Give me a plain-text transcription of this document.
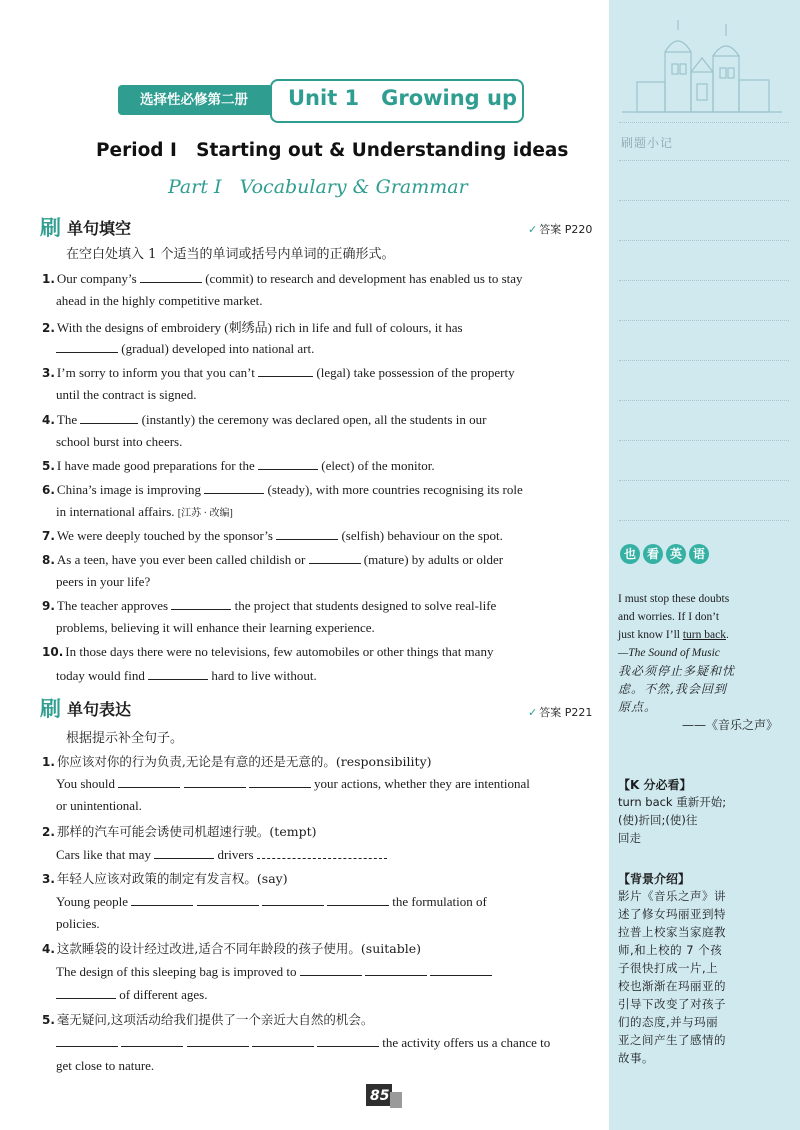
刷题小记
也 看 英 语
I must stop these doubts
and worries. If I don’t
just know I’ll turn back.
—The Sound of Music
我必须停止多疑和忧
虑。不然,我会回到
原点。
——《音乐之声》
【K 分必看】
turn back 重新开始;
(使)折回;(使)往
回走
【背景介绍】
影片《音乐之声》讲
述了修女玛丽亚到特
拉普上校家当家庭教
师,和上校的 7 个孩
子很快打成一片,上
校也渐渐在玛丽亚的
引导下改变了对孩子
们的态度,并与玛丽
亚之间产生了感情的
故事。
选择性必修第二册	Unit 1   Growing up
Period I   Starting out & Understanding ideas
Part I   Vocabulary & Grammar
刷 单句填空	✓ 答案 P220
在空白处填入 1 个适当的单词或括号内单词的正确形式。
1. Our company’s	(commit) to research and development has enabled us to stay
ahead in the highly competitive market.
2. With the designs of embroidery (刺绣品) rich in life and full of colours, it has
(gradual) developed into national art.
3. I’m sorry to inform you that you can’t	(legal) take possession of the property
until the contract is signed.
4. The	(instantly) the ceremony was declared open, all the students in our
school burst into cheers.
5. I have made good preparations for the	(elect) of the monitor.
6. China’s image is improving	(steady), with more countries recognising its role
in international affairs. [江苏 · 改编]
7. We were deeply touched by the sponsor’s	(selfish) behaviour on the spot.
8. As a teen, have you ever been called childish or	(mature) by adults or older
peers in your life?
9. The teacher approves	the project that students designed to solve real-life
problems, believing it will enhance their learning experience.
10. In those days there were no televisions, few automobiles or other things that many
today would find	hard to live without.
刷 单句表达	✓ 答案 P221
根据提示补全句子。
1. 你应该对你的行为负责,无论是有意的还是无意的。(responsibility)
You should	your actions, whether they are intentional
or unintentional.
2. 那样的汽车可能会诱使司机超速行驶。(tempt)
Cars like that may	drivers
3. 年轻人应该对政策的制定有发言权。(say)
Young people	the formulation of
policies.
4. 这款睡袋的设计经过改进,适合不同年龄段的孩子使用。(suitable)
The design of this sleeping bag is improved to
of different ages.
5. 毫无疑问,这项活动给我们提供了一个亲近大自然的机会。
the activity offers us a chance to
get close to nature.
85
